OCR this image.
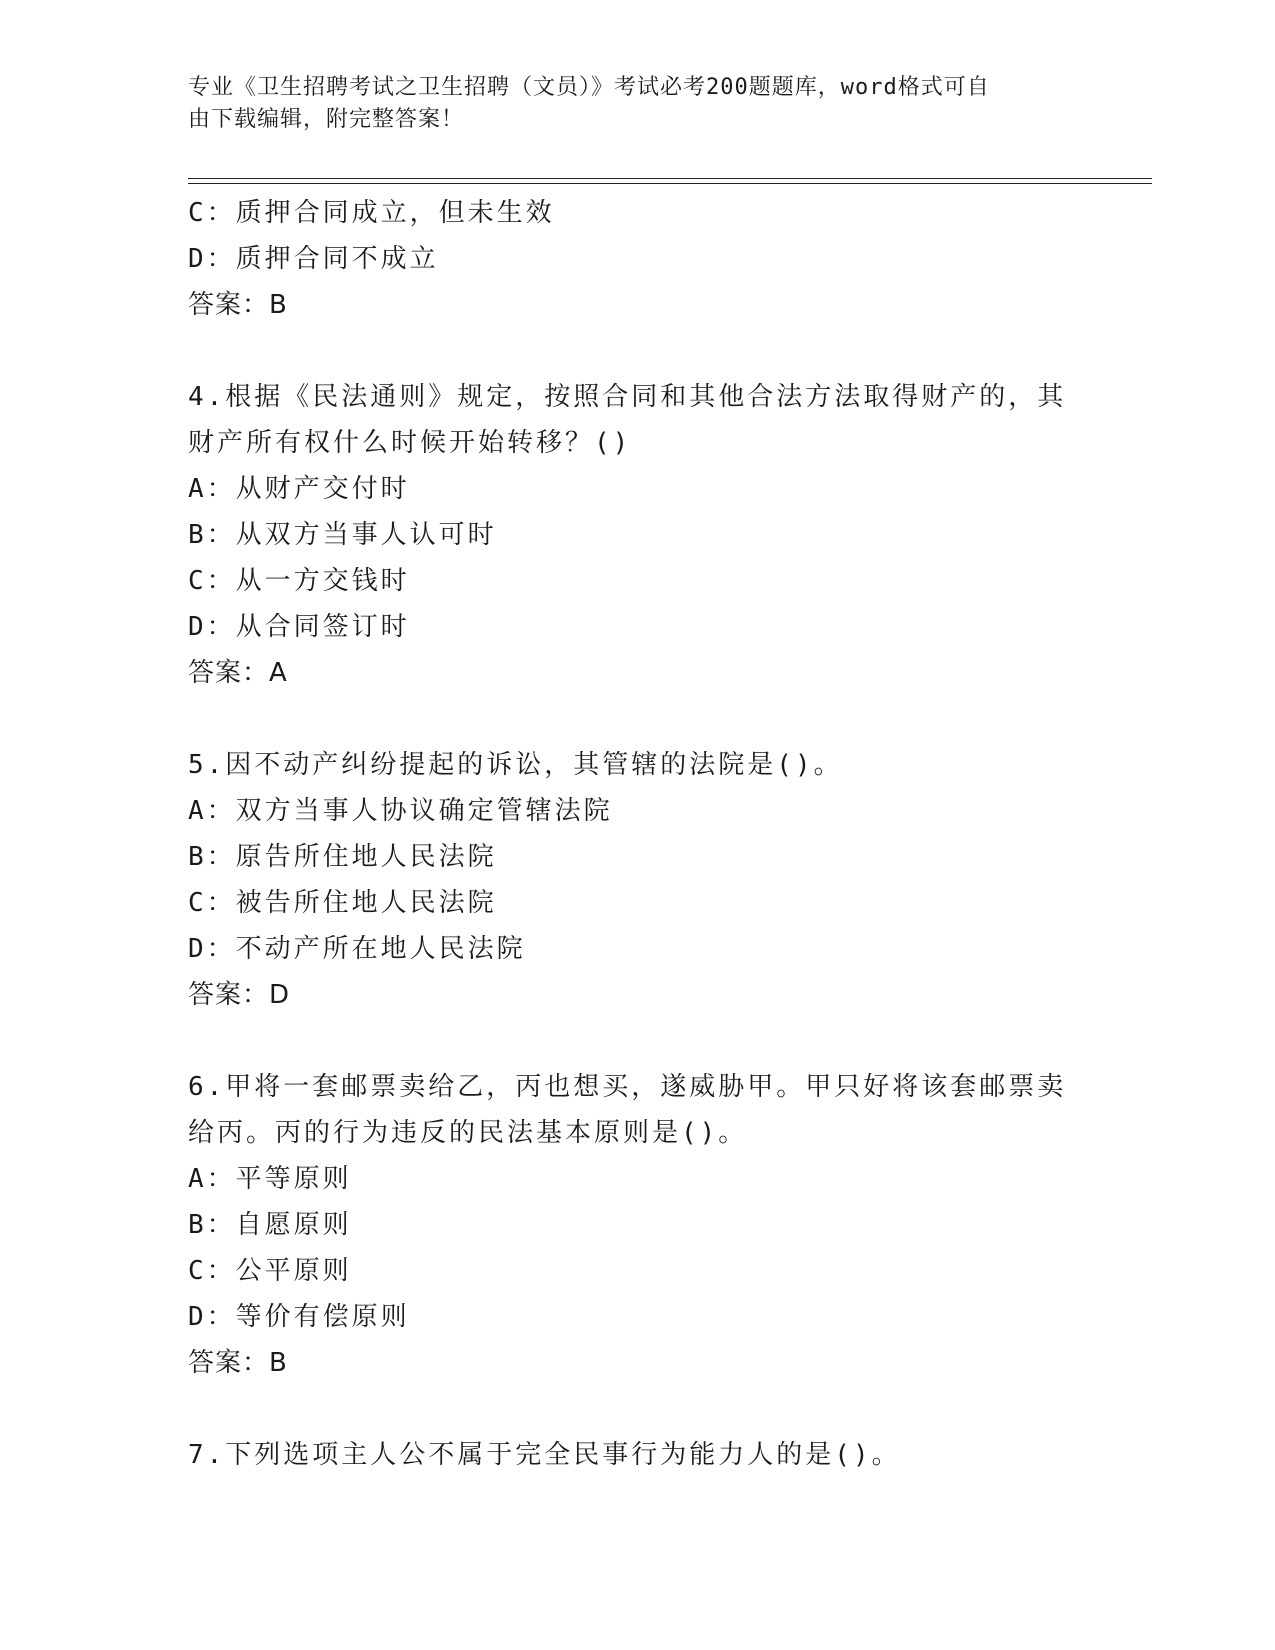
专业《卫生招聘考试之卫生招聘（文员）》考试必考200题题库，word格式可自
由下载编辑，附完整答案！
C：质押合同成立，但未生效
D：质押合同不成立
答案：B
4.根据《民法通则》规定，按照合同和其他合法方法取得财产的，其
财产所有权什么时候开始转移？()
A：从财产交付时
B：从双方当事人认可时
C：从一方交钱时
D：从合同签订时
答案：A
5.因不动产纠纷提起的诉讼，其管辖的法院是()。
A：双方当事人协议确定管辖法院
B：原告所住地人民法院
C：被告所住地人民法院
D：不动产所在地人民法院
答案：D
6.甲将一套邮票卖给乙，丙也想买，遂威胁甲。甲只好将该套邮票卖
给丙。丙的行为违反的民法基本原则是()。
A：平等原则
B：自愿原则
C：公平原则
D：等价有偿原则
答案：B
7.下列选项主人公不属于完全民事行为能力人的是()。
